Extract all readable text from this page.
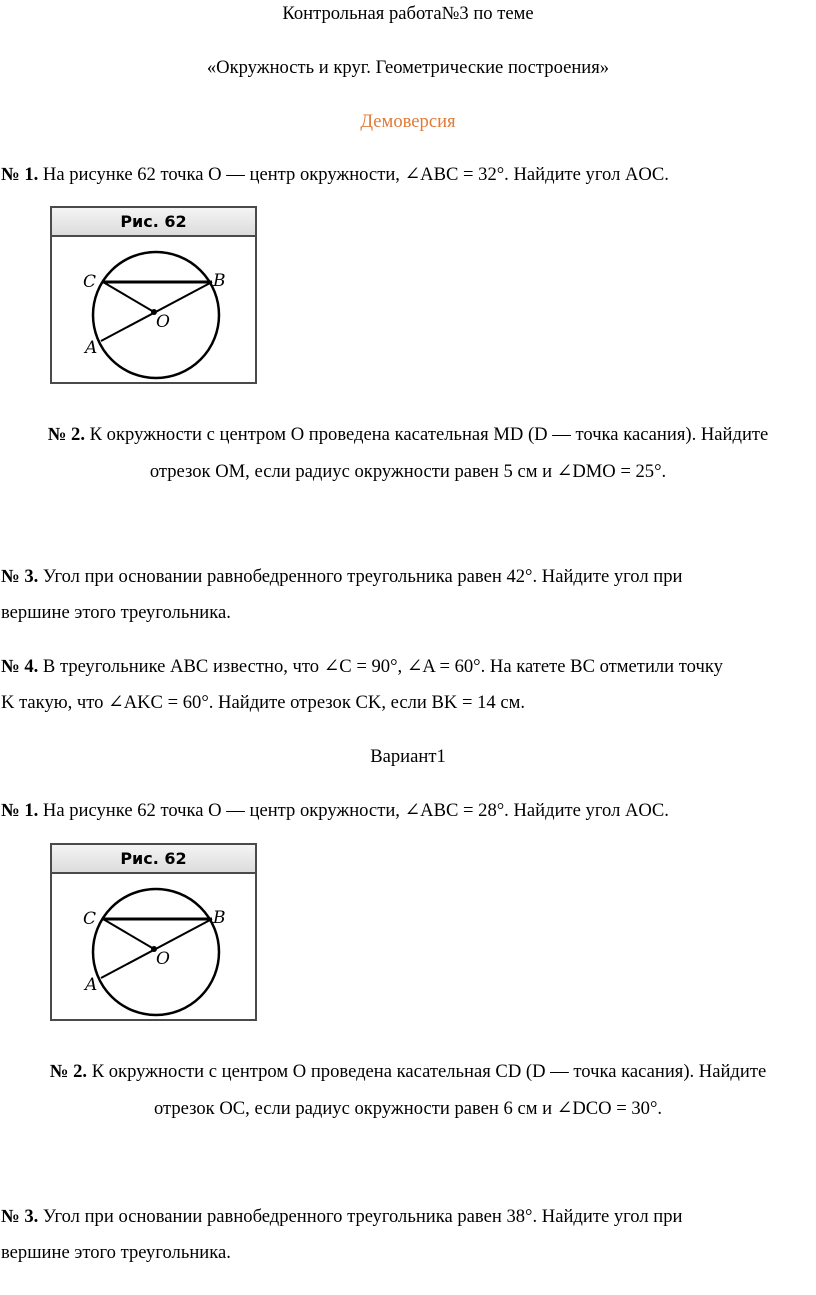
Контрольная работа№3 по теме
«Окружность и круг. Геометрические построения»
Демоверсия
№ 1. На рисунке 62 точка O — центр окружности, ∠ABC = 32°. Найдите угол AOC.
Рис. 62
C	B
O
A
№ 2. К окружности с центром O проведена касательная MD (D — точка касания). Найдите
отрезок OM, если радиус окружности равен 5 см и ∠DMO = 25°.
№ 3. Угол при основании равнобедренного треугольника равен 42°. Найдите угол при
вершине этого треугольника.
№ 4. В треугольнике ABC известно, что ∠C = 90°, ∠A = 60°. На катете BC отметили точку
K такую, что ∠AKC = 60°. Найдите отрезок CK, если BK = 14 см.
Вариант1
№ 1. На рисунке 62 точка O — центр окружности, ∠ABC = 28°. Найдите угол AOC.
Рис. 62
C	B
O
A
№ 2. К окружности с центром O проведена касательная CD (D — точка касания). Найдите
отрезок OC, если радиус окружности равен 6 см и ∠DCO = 30°.
№ 3. Угол при основании равнобедренного треугольника равен 38°. Найдите угол при
вершине этого треугольника.
